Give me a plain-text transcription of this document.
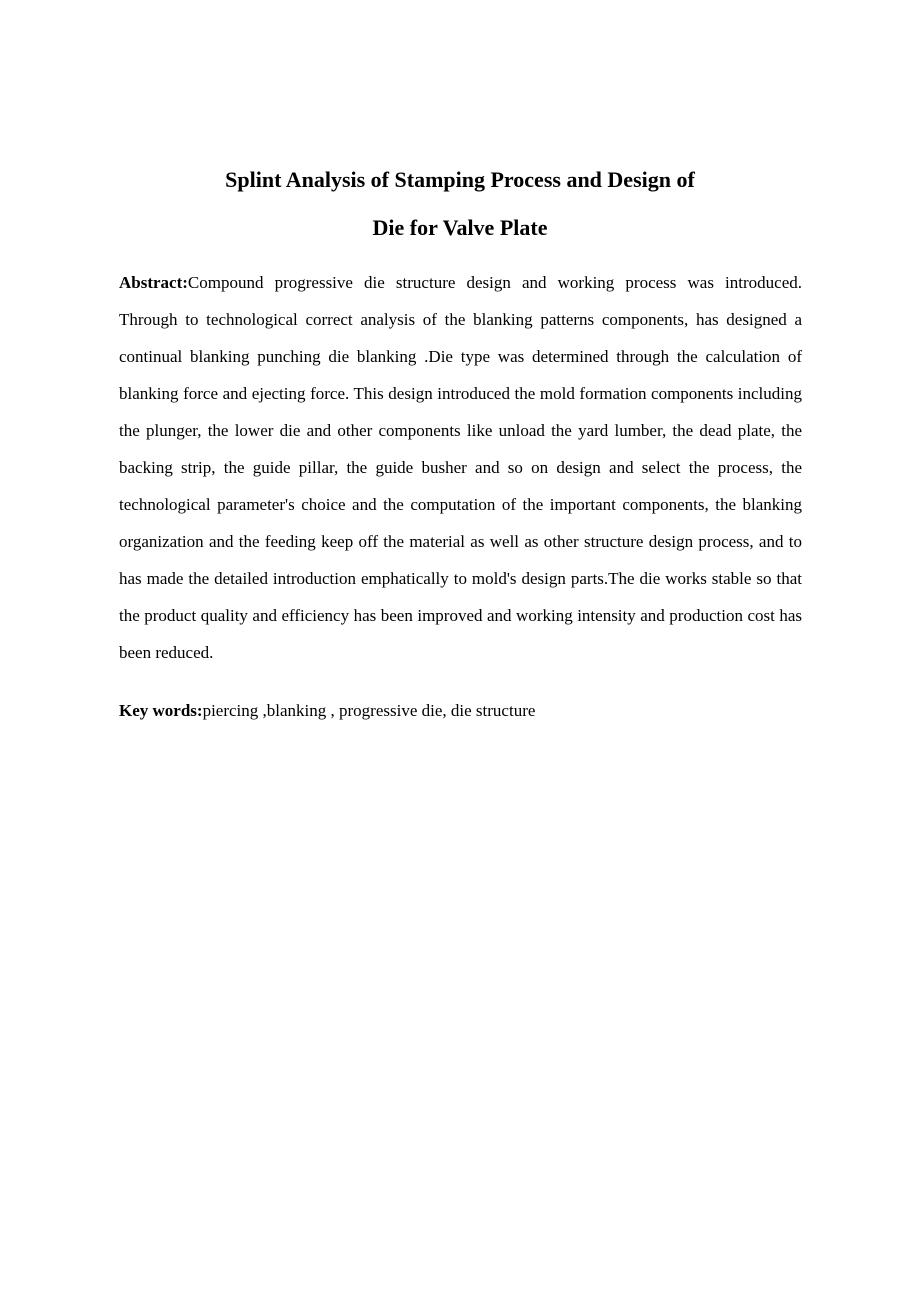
Splint Analysis of Stamping Process and Design of
Die for Valve Plate

Abstract:Compound progressive die structure design and working process was introduced. Through to technological correct analysis of the blanking patterns components, has designed a continual blanking punching die blanking .Die type was determined through the calculation of blanking force and ejecting force. This design introduced the mold formation components including the plunger, the lower die and other components like unload the yard lumber, the dead plate, the backing strip, the guide pillar, the guide busher and so on design and select the process, the technological parameter's choice and the computation of the important components, the blanking organization and the feeding keep off the material as well as other structure design process, and to has made the detailed introduction emphatically to mold's design parts.The die works stable so that the product quality and efficiency has been improved and working intensity and production cost has been reduced.

Key words:piercing ,blanking , progressive die, die structure
